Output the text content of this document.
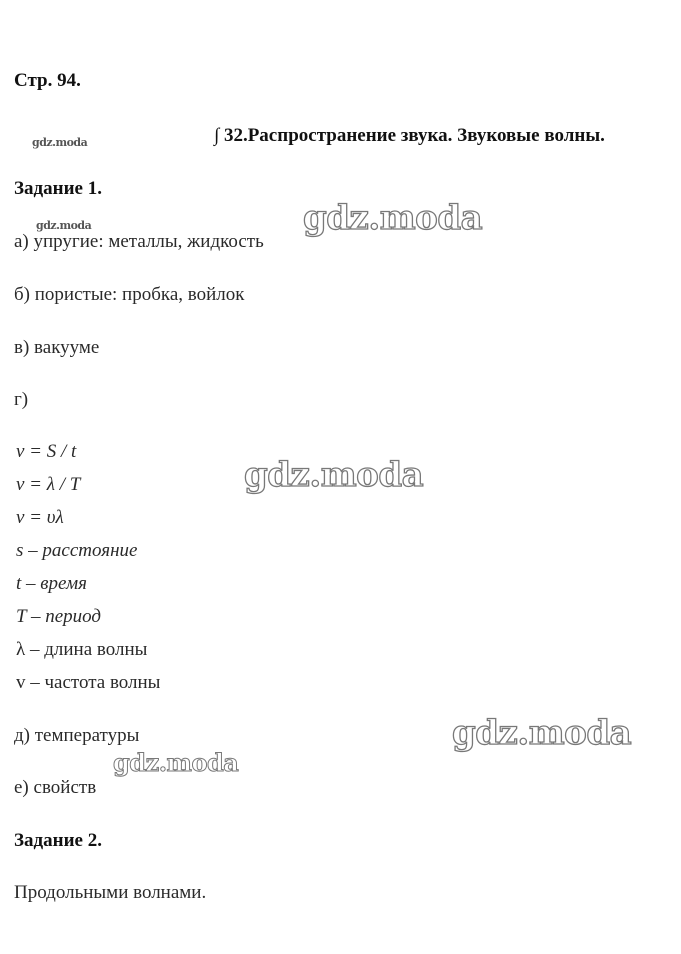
Стр. 94.
∫ 32.Распространение звука. Звуковые волны.
Задание 1.
а) упругие: металлы, жидкость
б) пористые: пробка, войлок
в) вакууме
г)
v = S / t
v = λ / T
v = υλ
s – расстояние
t – время
T – период
λ – длина волны
v – частота волны
д) температуры
е) свойств
Задание 2.
Продольными волнами.
gdz.moda
gdz.moda	gdz.moda
gdz.moda
gdz.moda
gdz.moda
